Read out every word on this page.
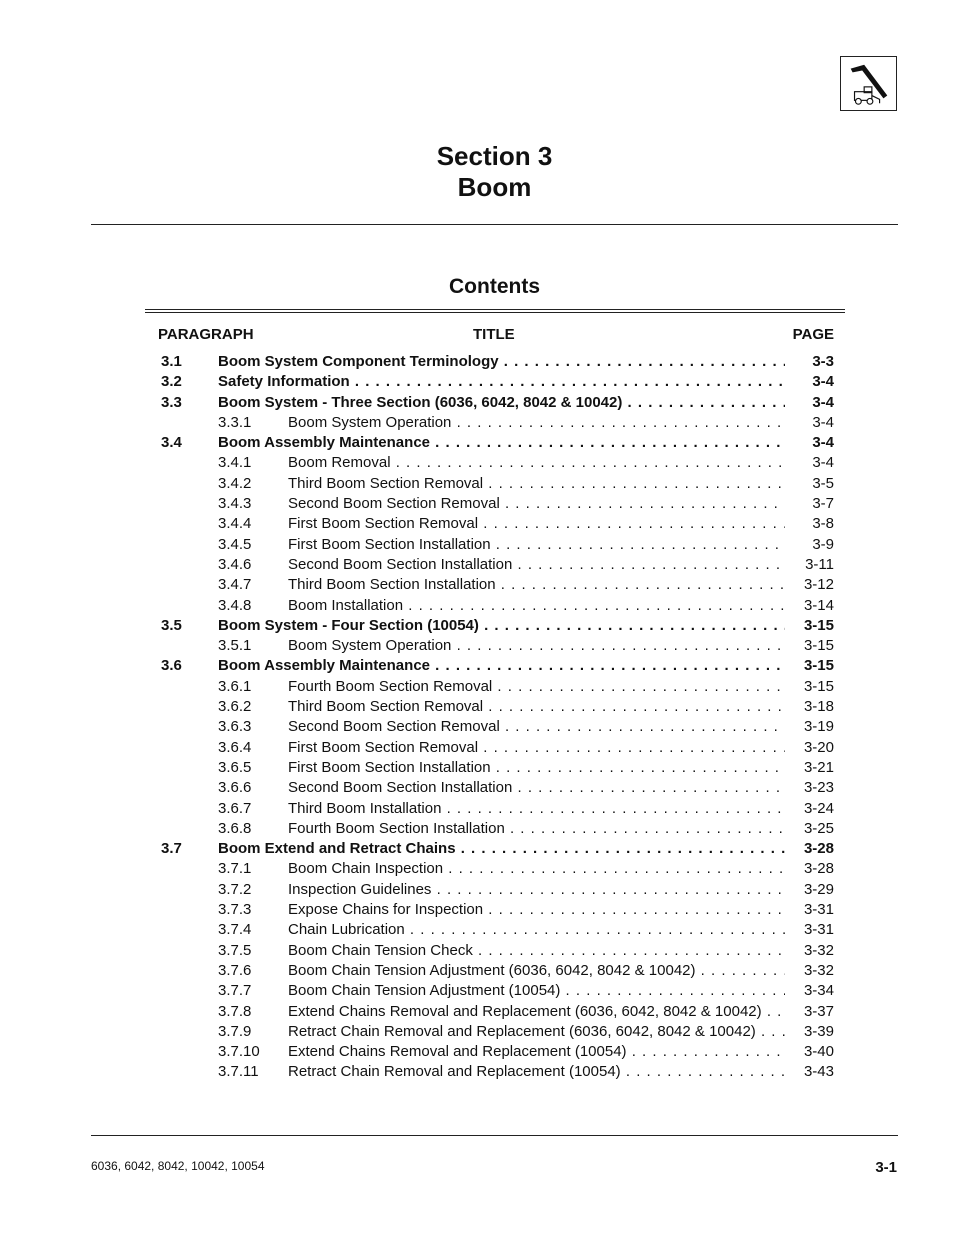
Section 3
Boom
Contents
PARAGRAPH	TITLE	PAGE
3.1 Boom System Component Terminology . . .	3-3
3.2 Safety Information . . .	3-4
3.3 Boom System - Three Section (6036, 6042, 8042 & 10042) . . .	3-4
3.3.1 Boom System Operation . . .	3-4
3.4 Boom Assembly Maintenance . . .	3-4
3.4.1 Boom Removal . . .	3-4
3.4.2 Third Boom Section Removal . . .	3-5
3.4.3 Second Boom Section Removal . . .	3-7
3.4.4 First Boom Section Removal . . .	3-8
3.4.5 First Boom Section Installation . . .	3-9
3.4.6 Second Boom Section Installation . . .	3-11
3.4.7 Third Boom Section Installation . . .	3-12
3.4.8 Boom Installation . . .	3-14
3.5 Boom System - Four Section (10054) . . .	3-15
3.5.1 Boom System Operation . . .	3-15
3.6 Boom Assembly Maintenance . . .	3-15
3.6.1 Fourth Boom Section Removal . . .	3-15
3.6.2 Third Boom Section Removal . . .	3-18
3.6.3 Second Boom Section Removal . . .	3-19
3.6.4 First Boom Section Removal . . .	3-20
3.6.5 First Boom Section Installation . . .	3-21
3.6.6 Second Boom Section Installation . . .	3-23
3.6.7 Third Boom Installation . . .	3-24
3.6.8 Fourth Boom Section Installation . . .	3-25
3.7 Boom Extend and Retract Chains . . .	3-28
3.7.1 Boom Chain Inspection . . .	3-28
3.7.2 Inspection Guidelines . . .	3-29
3.7.3 Expose Chains for Inspection . . .	3-31
3.7.4 Chain Lubrication . . .	3-31
3.7.5 Boom Chain Tension Check . . .	3-32
3.7.6 Boom Chain Tension Adjustment (6036, 6042, 8042 & 10042) . . .	3-32
3.7.7 Boom Chain Tension Adjustment (10054) . . .	3-34
3.7.8 Extend Chains Removal and Replacement (6036, 6042, 8042 & 10042) . . .	3-37
3.7.9 Retract Chain Removal and Replacement (6036, 6042, 8042 & 10042) . . .	3-39
3.7.10 Extend Chains Removal and Replacement (10054) . . .	3-40
3.7.11 Retract Chain Removal and Replacement (10054) . . .	3-43
6036, 6042, 8042, 10042, 10054	3-1
